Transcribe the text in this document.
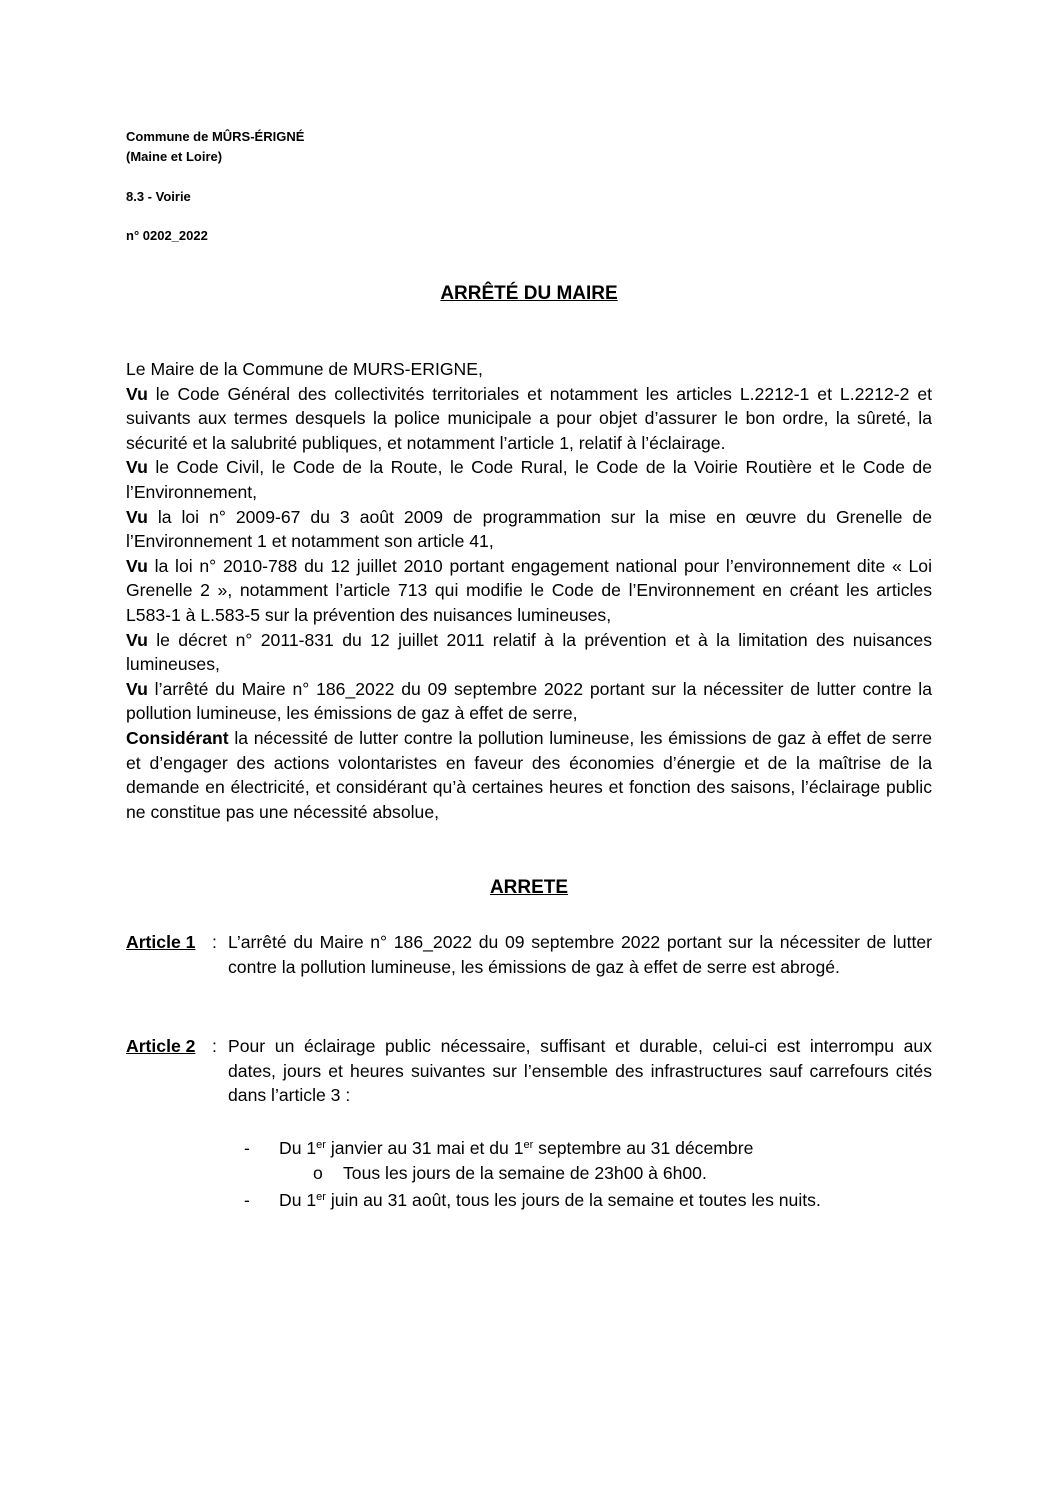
Commune de MÛRS-ÉRIGNÉ
(Maine et Loire)
8.3 - Voirie
n° 0202_2022
ARRÊTÉ DU MAIRE

Le Maire de la Commune de MURS-ERIGNE,

Vu le Code Général des collectivités territoriales et notamment les articles L.2212-1 et L.2212-2 et suivants aux termes desquels la police municipale a pour objet d’assurer le bon ordre, la sûreté, la sécurité et la salubrité publiques, et notamment l’article 1, relatif à l’éclairage.

Vu le Code Civil, le Code de la Route, le Code Rural, le Code de la Voirie Routière et le Code de l’Environnement,

Vu la loi n° 2009-67 du 3 août 2009 de programmation sur la mise en œuvre du Grenelle de l’Environnement 1 et notamment son article 41,

Vu la loi n° 2010-788 du 12 juillet 2010 portant engagement national pour l’environnement dite « Loi Grenelle 2 », notamment l’article 713 qui modifie le Code de l’Environnement en créant les articles L583-1 à L.583-5 sur la prévention des nuisances lumineuses,

Vu le décret n° 2011-831 du 12 juillet 2011 relatif à la prévention et à la limitation des nuisances lumineuses,

Vu l’arrêté du Maire n° 186_2022 du 09 septembre 2022 portant sur la nécessiter de lutter contre la pollution lumineuse, les émissions de gaz à effet de serre,

Considérant la nécessité de lutter contre la pollution lumineuse, les émissions de gaz à effet de serre et d’engager des actions volontaristes en faveur des économies d’énergie et de la maîtrise de la demande en électricité, et considérant qu’à certaines heures et fonction des saisons, l’éclairage public ne constitue pas une nécessité absolue,

ARRETE
Article 1 : L’arrêté du Maire n° 186_2022 du 09 septembre 2022 portant sur la nécessiter de lutter contre la pollution lumineuse, les émissions de gaz à effet de serre est abrogé.
Article 2 : Pour un éclairage public nécessaire, suffisant et durable, celui-ci est interrompu aux dates, jours et heures suivantes sur l’ensemble des infrastructures sauf carrefours cités dans l’article 3 :
- Du 1er janvier au 31 mai et du 1er septembre au 31 décembre
o Tous les jours de la semaine de 23h00 à 6h00.
- Du 1er juin au 31 août, tous les jours de la semaine et toutes les nuits.
